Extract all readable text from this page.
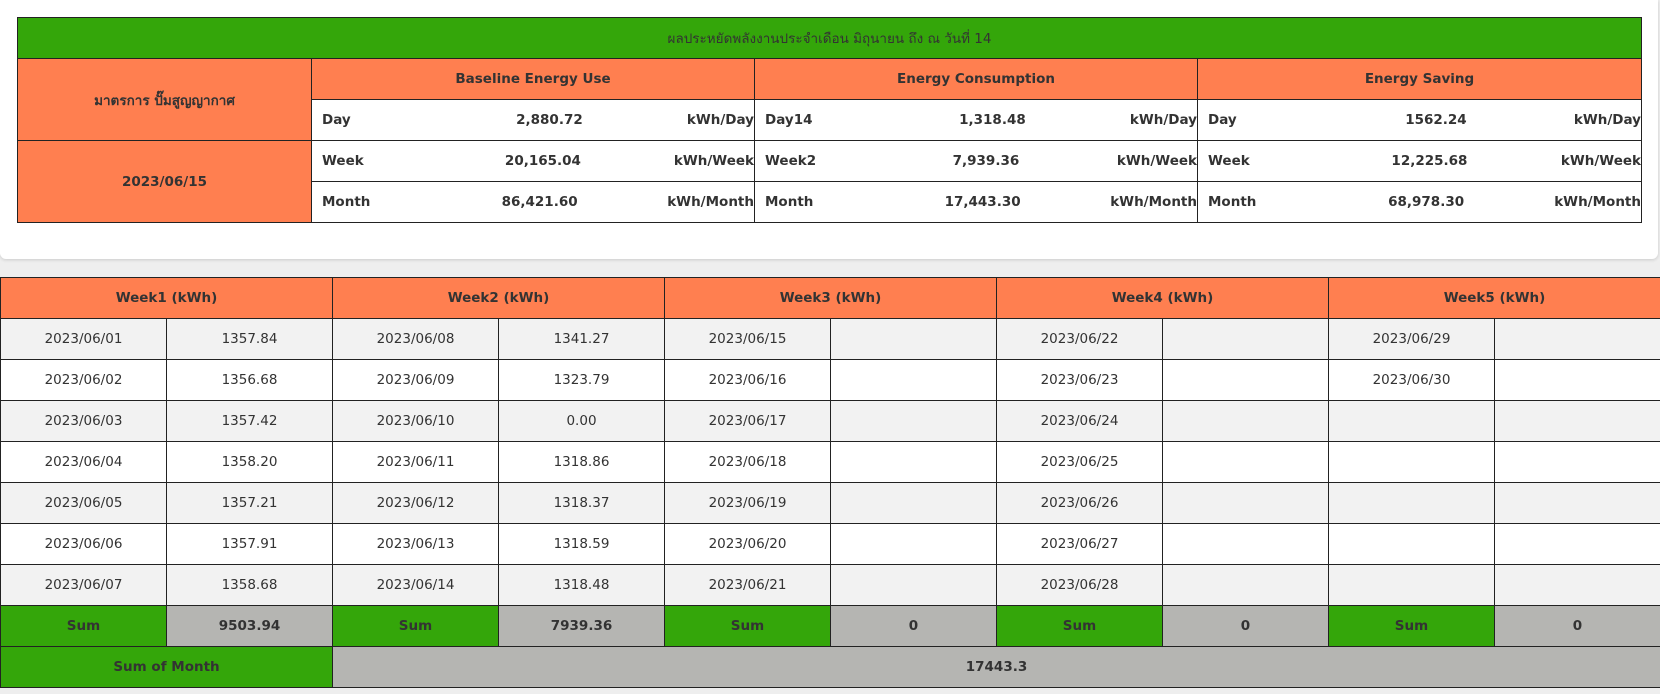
ผลประหยัดพลังงานประจำเดือน มิถุนายน ถึง ณ วันที่ 14			
มาตรการ ปั๊มสูญญากาศ	Baseline Energy Use	Energy Consumption	Energy Saving

	Day 2,880.72 kWh/Day	Day14 1,318.48 kWh/Day	Day 1562.24 kWh/Day

2023/06/15	Week 20,165.04 kWh/Week	Week2 7,939.36 kWh/Week	Week 12,225.68 kWh/Week

	Month 86,421.60 kWh/Month	Month 17,443.30 kWh/Month	Month 68,978.30 kWh/Month
Week1 (kWh)		Week2 (kWh)		Week3 (kWh)		Week4 (kWh)		Week5 (kWh)	
2023/06/01	1357.84	2023/06/08	1341.27	2023/06/15		2023/06/22		2023/06/29	
2023/06/02	1356.68	2023/06/09	1323.79	2023/06/16		2023/06/23		2023/06/30	
2023/06/03	1357.42	2023/06/10	0.00	2023/06/17		2023/06/24			
2023/06/04	1358.20	2023/06/11	1318.86	2023/06/18		2023/06/25			
2023/06/05	1357.21	2023/06/12	1318.37	2023/06/19		2023/06/26			
2023/06/06	1357.91	2023/06/13	1318.59	2023/06/20		2023/06/27			
2023/06/07	1358.68	2023/06/14	1318.48	2023/06/21		2023/06/28			
Sum	9503.94	Sum	7939.36	Sum	0	Sum	0	Sum	0
Sum of Month		17443.3							
